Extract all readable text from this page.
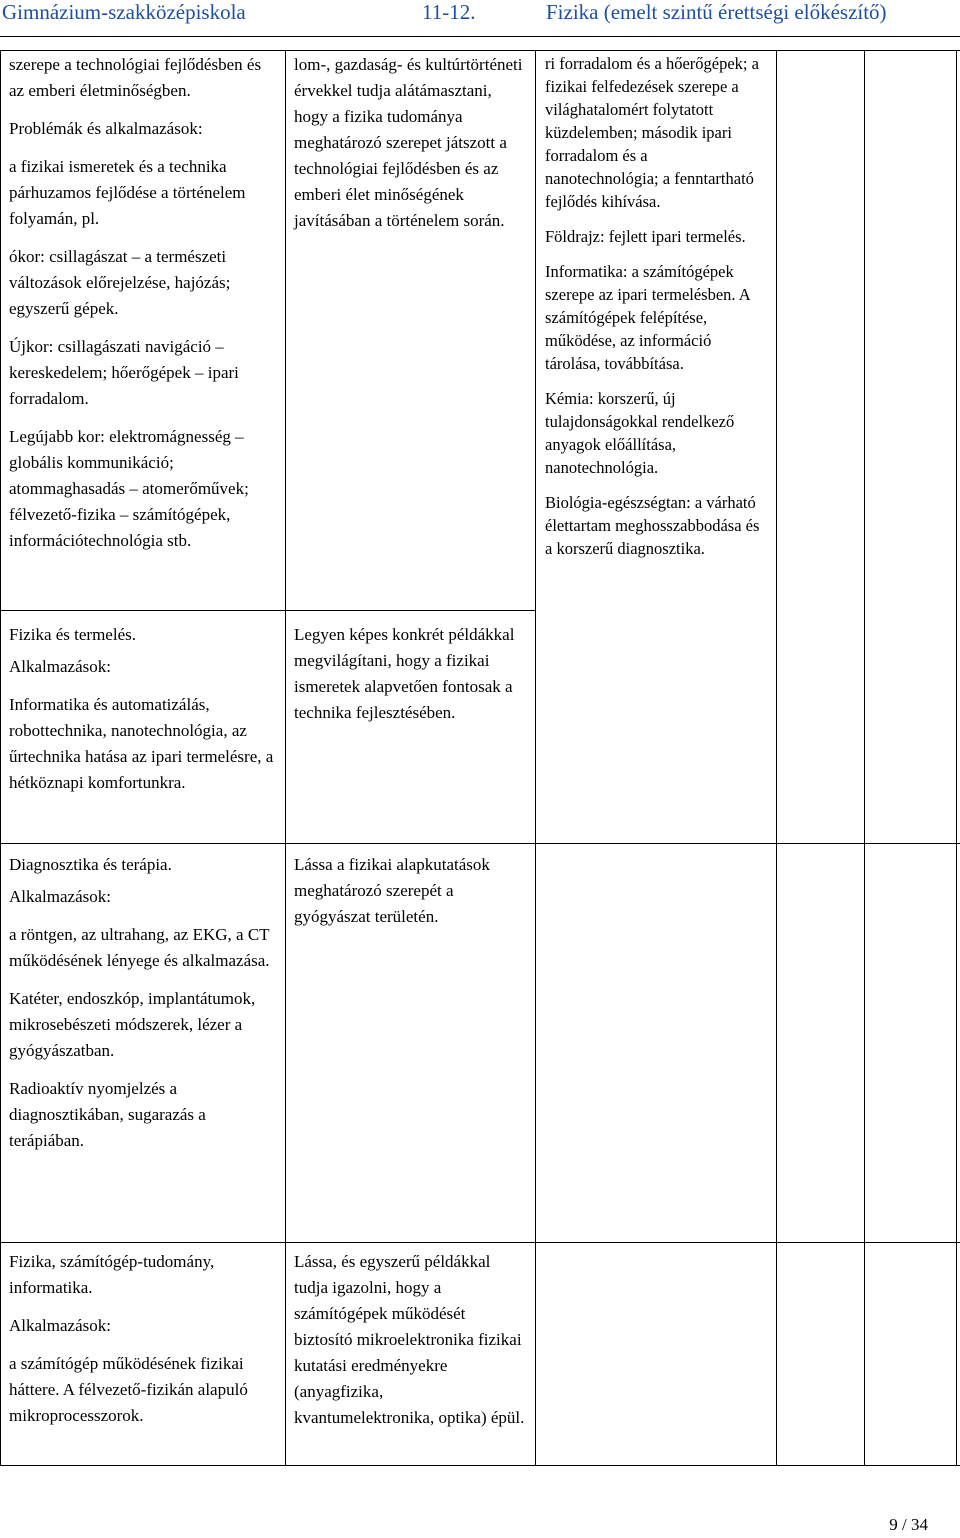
Gimnázium-szakközépiskola	11-12.	Fizika (emelt szintű érettségi előkészítő)

szerepe a technológiai fejlődésben és az emberi életminőségben.

Problémák és alkalmazások:

a fizikai ismeretek és a technika párhuzamos fejlődése a történelem folyamán, pl.

ókor: csillagászat – a természeti változások előrejelzése, hajózás; egyszerű gépek.

Újkor: csillagászati navigáció – kereskedelem; hőerőgépek – ipari forradalom.

Legújabb kor: elektromágnesség – globális kommunikáció; atommaghasadás – atomerőművek; félvezető-fizika – számítógépek, információtechnológia stb.

lom-, gazdaság- és kultúrtörténeti érvekkel tudja alátámasztani, hogy a fizika tudománya meghatározó szerepet játszott a technológiai fejlődésben és az emberi élet minőségének javításában a történelem során.

ri forradalom és a hőerőgépek; a fizikai felfedezések szerepe a világhatalomért folytatott küzdelemben; második ipari forradalom és a nanotechnológia; a fenntartható fejlődés kihívása.

Földrajz: fejlett ipari termelés.

Informatika: a számítógépek szerepe az ipari termelésben. A számítógépek felépítése, működése, az információ tárolása, továbbítása.

Kémia: korszerű, új tulajdonságokkal rendelkező anyagok előállítása, nanotechnológia.

Biológia-egészségtan: a várható élettartam meghosszabbodása és a korszerű diagnosztika.

Fizika és termelés.

Alkalmazások:

Informatika és automatizálás, robottechnika, nanotechnológia, az űrtechnika hatása az ipari termelésre, a hétköznapi komfortunkra.

Legyen képes konkrét példákkal megvilágítani, hogy a fizikai ismeretek alapvetően fontosak a technika fejlesztésében.

Diagnosztika és terápia.

Alkalmazások:

a röntgen, az ultrahang, az EKG, a CT működésének lényege és alkalmazása.

Katéter, endoszkóp, implantátumok, mikrosebészeti módszerek, lézer a gyógyászatban.

Radioaktív nyomjelzés a diagnosztikában, sugarazás a terápiában.

Lássa a fizikai alapkutatások meghatározó szerepét a gyógyászat területén.

Fizika, számítógép-tudomány, informatika.

Alkalmazások:

a számítógép működésének fizikai háttere. A félvezető-fizikán alapuló mikroprocesszorok.

Lássa, és egyszerű példákkal tudja igazolni, hogy a számítógépek működését biztosító mikroelektronika fizikai kutatási eredményekre (anyagfizika, kvantumelektronika, optika) épül.

9 / 34
